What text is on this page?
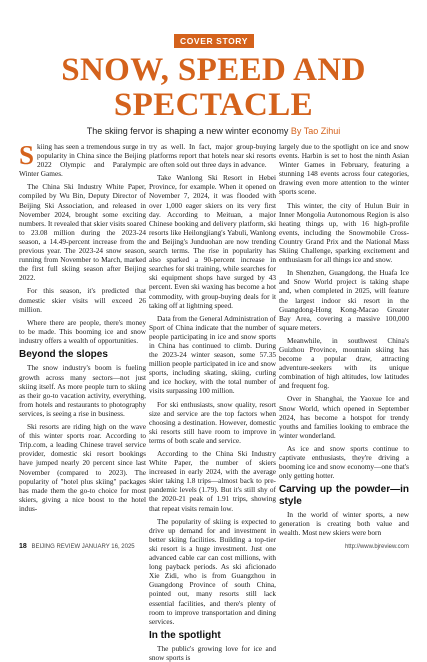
COVER STORY
SNOW, SPEED AND
SPECTACLE
The skiing fervor is shaping a new winter economy By Tao Zihui

Skiing has seen a tremendous surge in popularity in China since the Beijing 2022 Olympic and Paralympic Winter Games.

The China Ski Industry White Paper, compiled by Wu Bin, Deputy Director of Beijing Ski Association, and released in November 2024, brought some exciting numbers. It revealed that skier visits soared to 23.08 million during the 2023-24 season, a 14.49-percent increase from the previous year. The 2023-24 snow season, running from November to March, marked the first full skiing season after Beijing 2022.

For this season, it's predicted that domestic skier visits will exceed 26 million.

Where there are people, there's money to be made. This booming ice and snow industry offers a wealth of opportunities.

Beyond the slopes

The snow industry's boom is fueling growth across many sectors—not just skiing itself. As more people turn to skiing as their go-to vacation activity, everything, from hotels and restaurants to photography services, is seeing a rise in business.

Ski resorts are riding high on the wave of this winter sports roar. According to Trip.com, a leading Chinese travel service provider, domestic ski resort bookings have jumped nearly 20 percent since last November (compared to 2023). The popularity of "hotel plus skiing" packages has made them the go-to choice for most skiers, giving a nice boost to the hotel indus-

try as well. In fact, major group-buying platforms report that hotels near ski resorts are often sold out three days in advance.

Take Wanlong Ski Resort in Hebei Province, for example. When it opened on November 7, 2024, it was flooded with over 1,000 eager skiers on its very first day. According to Meituan, a major Chinese booking and delivery platform, ski resorts like Heilongjiang's Yabuli, Wanlong and Beijing's Junduohan are now trending search terms. The rise in popularity has also sparked a 90-percent increase in searches for ski training, while searches for ski equipment shops have surged by 43 percent. Even ski waxing has become a hot commodity, with group-buying deals for it taking off at lightning speed.

Data from the General Administration of Sport of China indicate that the number of people participating in ice and snow sports in China has continued to climb. During the 2023-24 winter season, some 57.35 million people participated in ice and snow sports, including skating, skiing, curling and ice hockey, with the total number of visits surpassing 100 million.

For ski enthusiasts, snow quality, resort size and service are the top factors when choosing a destination. However, domestic ski resorts still have room to improve in terms of both scale and service.

According to the China Ski Industry White Paper, the number of skiers increased in early 2024, with the average skier taking 1.8 trips—almost back to pre-pandemic levels (1.79). But it's still shy of the 2020-21 peak of 1.91 trips, showing that repeat visits remain low.

The popularity of skiing is expected to drive up demand for and investment in better skiing facilities. Building a top-tier ski resort is a huge investment. Just one advanced cable car can cost millions, with long payback periods. As ski aficionado Xie Zidi, who is from Guangzhou in Guangdong Province of south China, pointed out, many resorts still lack essential facilities, and there's plenty of room to improve transportation and dining services.

In the spotlight

The public's growing love for ice and snow sports is

largely due to the spotlight on ice and snow events. Harbin is set to host the ninth Asian Winter Games in February, featuring a stunning 148 events across four categories, drawing even more attention to the winter sports scene.

This winter, the city of Hulun Buir in Inner Mongolia Autonomous Region is also heating things up, with 16 high-profile events, including the Snowmobile Cross-Country Grand Prix and the National Mass Skiing Challenge, sparking excitement and enthusiasm for all things ice and snow.

In Shenzhen, Guangdong, the Huafa Ice and Snow World project is taking shape and, when completed in 2025, will feature the largest indoor ski resort in the Guangdong-Hong Kong-Macao Greater Bay Area, covering a massive 100,000 square meters.

Meanwhile, in southwest China's Guizhou Province, mountain skiing has become a popular draw, attracting adventure-seekers with its unique combination of high altitudes, low latitudes and frequent fog.

Over in Shanghai, the Yaoxue Ice and Snow World, which opened in September 2024, has become a hotspot for trendy youths and families looking to embrace the winter wonderland.

As ice and snow sports continue to captivate enthusiasts, they're driving a booming ice and snow economy—one that's only getting hotter.

Carving up the powder—in style

In the world of winter sports, a new generation is creating both value and wealth. Most new skiers were born

18 BEIJING REVIEW JANUARY 16, 2025	http://www.bjreview.com
